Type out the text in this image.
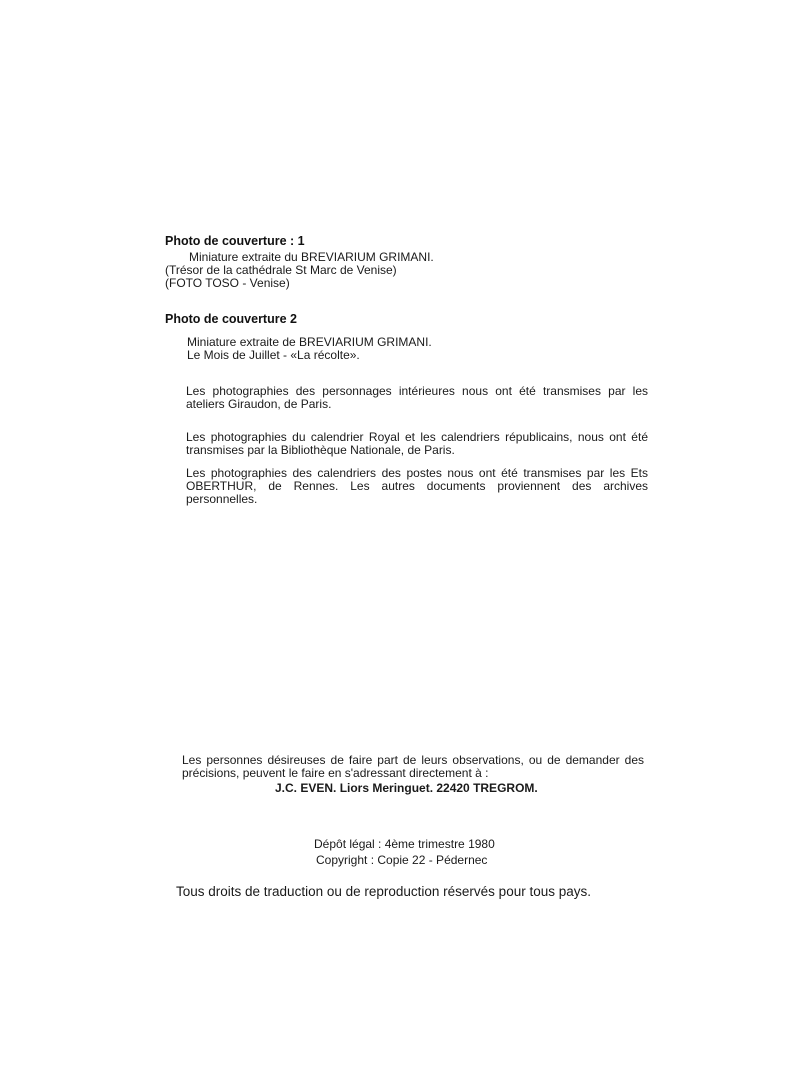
Photo de couverture : 1
Miniature extraite du BREVIARIUM GRIMANI.
(Trésor de la cathédrale St Marc de Venise)
(FOTO TOSO - Venise)
Photo de couverture 2
Miniature extraite de BREVIARIUM GRIMANI.
Le Mois de Juillet - «La récolte».
Les photographies des personnages intérieures nous ont été transmises par les
ateliers Giraudon, de Paris.
Les photographies du calendrier Royal et les calendriers républicains, nous ont été
transmises par la Bibliothèque Nationale, de Paris.
Les photographies des calendriers des postes nous ont été transmises par les Ets
OBERTHUR, de Rennes. Les autres documents proviennent des archives
personnelles.
Les personnes désireuses de faire part de leurs observations, ou de demander des
précisions, peuvent le faire en s'adressant directement à :
J.C. EVEN. Liors Meringuet. 22420 TREGROM.
Dépôt légal : 4ème trimestre 1980
Copyright : Copie 22 - Pédernec
Tous droits de traduction ou de reproduction réservés pour tous pays.
